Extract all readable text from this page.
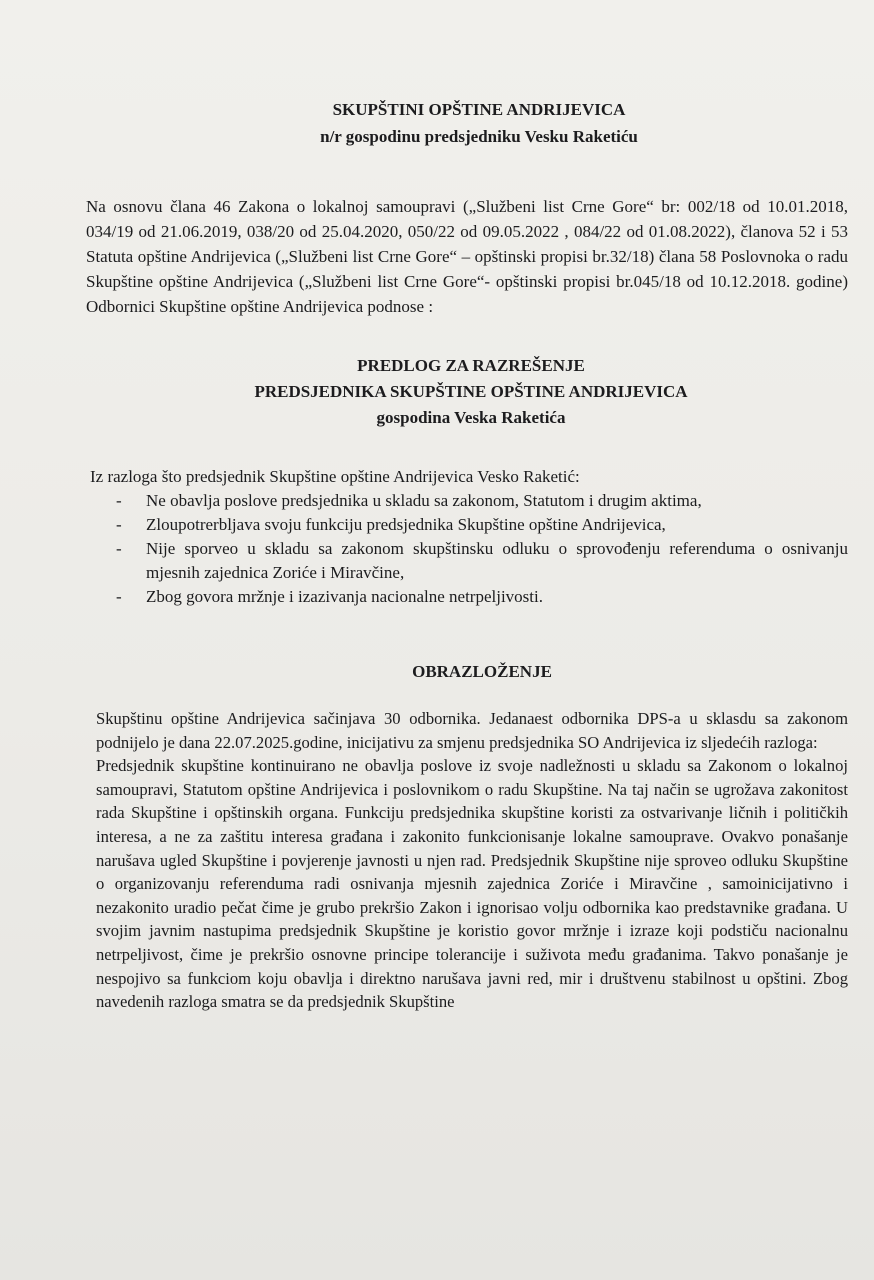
SKUPŠTINI OPŠTINE ANDRIJEVICA
n/r gospodinu predsjedniku Vesku Raketiću
Na osnovu člana 46 Zakona o lokalnoj samoupravi („Službeni list Crne Gore“ br: 002/18 od 10.01.2018, 034/19 od 21.06.2019, 038/20 od 25.04.2020, 050/22 od 09.05.2022 , 084/22 od 01.08.2022), članova 52 i 53 Statuta opštine Andrijevica („Službeni list Crne Gore“ – opštinski propisi br.32/18) člana 58 Poslovnoka o radu Skupštine opštine Andrijevica („Službeni list Crne Gore“- opštinski propisi br.045/18 od 10.12.2018. godine) Odbornici Skupštine opštine Andrijevica podnose :
PREDLOG ZA RAZREŠENJE
PREDSJEDNIKA SKUPŠTINE OPŠTINE ANDRIJEVICA
gospodina Veska Raketića
Iz razloga što predsjednik Skupštine opštine Andrijevica Vesko Raketić:
- Ne obavlja poslove predsjednika u skladu sa zakonom, Statutom i drugim aktima,
- Zloupotrerbljava svoju funkciju predsjednika Skupštine opštine Andrijevica,
- Nije sporveo u skladu sa zakonom skupštinsku odluku o sprovođenju referenduma o osnivanju mjesnih zajednica Zoriće i Miravčine,
- Zbog govora mržnje i izazivanja nacionalne netrpeljivosti.
OBRAZLOŽENJE

Skupštinu opštine Andrijevica sačinjava 30 odbornika. Jedanaest odbornika DPS-a u sklasdu sa zakonom podnijelo je dana 22.07.2025.godine, inicijativu za smjenu predsjednika SO Andrijevica iz sljedećih razloga:

Predsjednik skupštine kontinuirano ne obavlja poslove iz svoje nadležnosti u skladu sa Zakonom o lokalnoj samoupravi, Statutom opštine Andrijevica i poslovnikom o radu Skupštine. Na taj način se ugrožava zakonitost rada Skupštine i opštinskih organa. Funkciju predsjednika skupštine koristi za ostvarivanje ličnih i političkih interesa, a ne za zaštitu interesa građana i zakonito funkcionisanje lokalne samouprave. Ovakvo ponašanje narušava ugled Skupštine i povjerenje javnosti u njen rad. Predsjednik Skupštine nije sproveo odluku Skupštine o organizovanju referenduma radi osnivanja mjesnih zajednica Zoriće i Miravčine , samoinicijativno i nezakonito uradio pečat čime je grubo prekršio Zakon i ignorisao volju odbornika kao predstavnike građana. U svojim javnim nastupima predsjednik Skupštine je koristio govor mržnje i izraze koji podstiču nacionalnu netrpeljivost, čime je prekršio osnovne principe tolerancije i suživota među građanima. Takvo ponašanje je nespojivo sa funkciom koju obavlja i direktno narušava javni red, mir i društvenu stabilnost u opštini. Zbog navedenih razloga smatra se da predsjednik Skupštine
